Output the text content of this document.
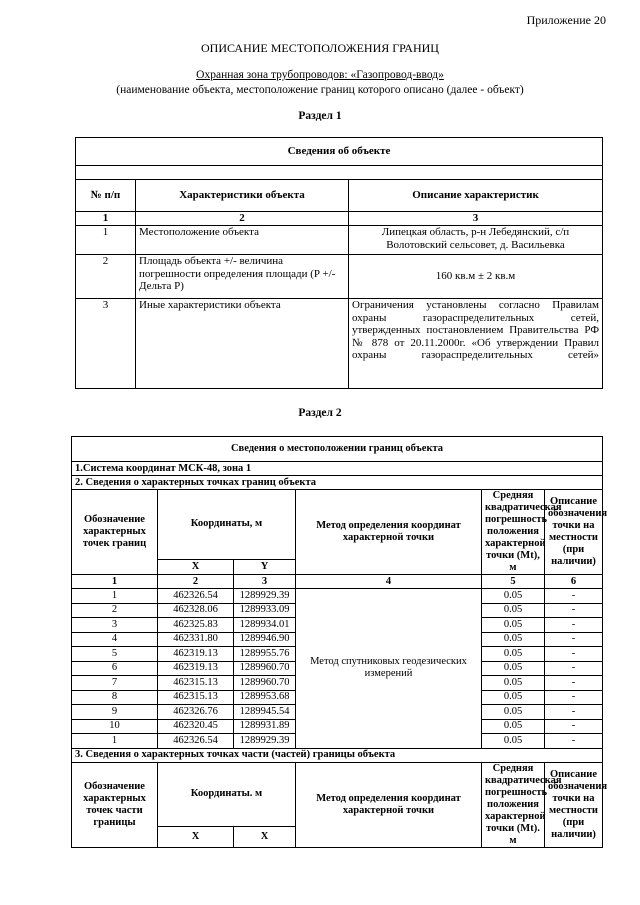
Приложение 20
ОПИСАНИЕ МЕСТОПОЛОЖЕНИЯ ГРАНИЦ
Охранная зона трубопроводов: «Газопровод-ввод»
(наименование объекта, местоположение границ которого описано (далее - объект)
Раздел 1
Сведения об объекте		

№ п/п	Характеристики объекта	Описание характеристик
1	2	3
1	Местоположение объекта	Липецкая область, р-н Лебедянский, с/п Волотовский сельсовет, д. Васильевка
2	Площадь объекта +/- величина погрешности определения площади (P +/- Дельта P)	160 кв.м ± 2 кв.м
3	Иные характеристики объекта	Ограничения установлены согласно Правилам охраны газораспределительных сетей, утвержденных постановлением Правительства РФ № 878 от 20.11.2000г. «Об утверждении Правил охраны газораспределительных сетей»
Раздел 2
Сведения о местоположении границ объекта					
1.Система координат МСК-48, зона 1					
2. Сведения о характерных точках границ объекта					
Обозначение характерных точек границ	Координаты, м		Метод определения координат характерной точки	Средняя квадратическая погрешность положения характерной точки (Mt), м	Описание обозначения точки на местности (при наличии)
	X	Y			
1	2	3	4	5	6
1	462326.54	1289929.39	Метод спутниковых геодезических измерений	0.05	-
2	462328.06	1289933.09		0.05	-
3	462325.83	1289934.01		0.05	-
4	462331.80	1289946.90		0.05	-
5	462319.13	1289955.76		0.05	-
6	462319.13	1289960.70		0.05	-
7	462315.13	1289960.70		0.05	-
8	462315.13	1289953.68		0.05	-
9	462326.76	1289945.54		0.05	-
10	462320.45	1289931.89		0.05	-
1	462326.54	1289929.39		0.05	-
3. Сведения о характерных точках части (частей) границы объекта					
Обозначение характерных точек части границы	Координаты. м		Метод определения координат характерной точки	Средняя квадратическая погрешность положения характерной точки (Mt). м	Описание обозначения точки на местности (при наличии)
	X	X			
